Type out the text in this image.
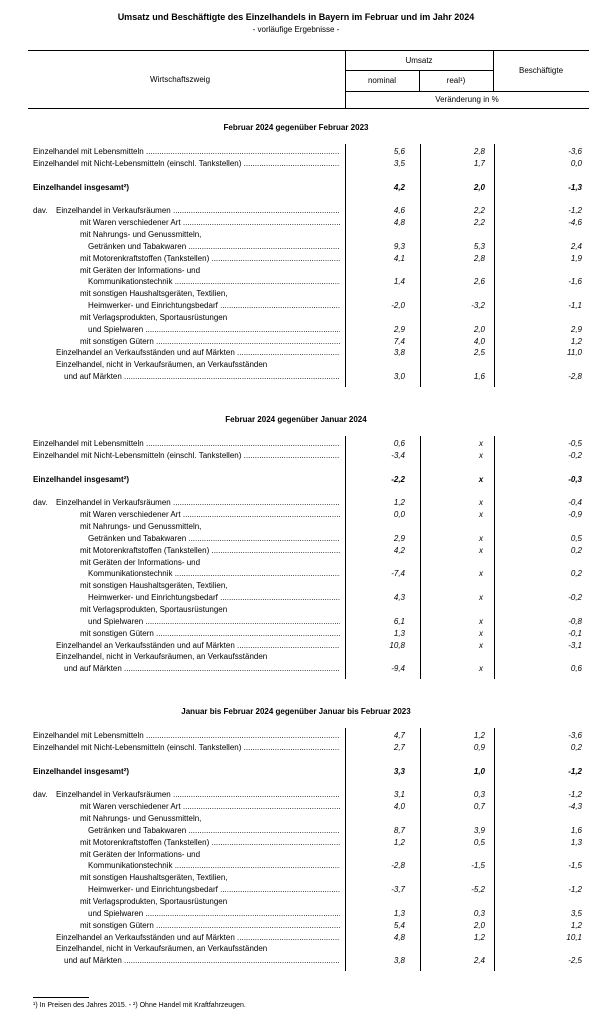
Umsatz und Beschäftigte des Einzelhandels in Bayern im Februar und im Jahr 2024
- vorläufige Ergebnisse -
Wirtschaftszweig
Umsatz
nominal	real¹)
Beschäftigte
Veränderung in %
Februar 2024 gegenüber Februar 2023
Einzelhandel mit Lebensmitteln .....	5,6	2,8	-3,6
Einzelhandel mit Nicht-Lebensmitteln (einschl. Tankstellen) .....	3,5	1,7	0,0
Einzelhandel insgesamt²)	4,2	2,0	-1,3
dav. Einzelhandel in Verkaufsräumen .....	4,6	2,2	-1,2
mit Waren verschiedener Art .....	4,8	2,2	-4,6
mit Nahrungs- und Genussmitteln,
Getränken und Tabakwaren .....	9,3	5,3	2,4
mit Motorenkraftstoffen (Tankstellen) .....	4,1	2,8	1,9
mit Geräten der Informations- und
Kommunikationstechnik .....	1,4	2,6	-1,6
mit sonstigen Haushaltsgeräten, Textilien,
Heimwerker- und Einrichtungsbedarf .....	-2,0	-3,2	-1,1
mit Verlagsprodukten, Sportausrüstungen
und Spielwaren .....	2,9	2,0	2,9
mit sonstigen Gütern .....	7,4	4,0	1,2
Einzelhandel an Verkaufsständen und auf Märkten .....	3,8	2,5	11,0
Einzelhandel, nicht in Verkaufsräumen, an Verkaufsständen
und auf Märkten .....	3,0	1,6	-2,8
Februar 2024 gegenüber Januar 2024
Einzelhandel mit Lebensmitteln .....	0,6	x	-0,5
Einzelhandel mit Nicht-Lebensmitteln (einschl. Tankstellen) .....	-3,4	x	-0,2
Einzelhandel insgesamt²)	-2,2	x	-0,3
dav. Einzelhandel in Verkaufsräumen .....	1,2	x	-0,4
mit Waren verschiedener Art .....	0,0	x	-0,9
mit Nahrungs- und Genussmitteln,
Getränken und Tabakwaren .....	2,9	x	0,5
mit Motorenkraftstoffen (Tankstellen) .....	4,2	x	0,2
mit Geräten der Informations- und
Kommunikationstechnik .....	-7,4	x	0,2
mit sonstigen Haushaltsgeräten, Textilien,
Heimwerker- und Einrichtungsbedarf .....	4,3	x	-0,2
mit Verlagsprodukten, Sportausrüstungen
und Spielwaren .....	6,1	x	-0,8
mit sonstigen Gütern .....	1,3	x	-0,1
Einzelhandel an Verkaufsständen und auf Märkten .....	10,8	x	-3,1
Einzelhandel, nicht in Verkaufsräumen, an Verkaufsständen
und auf Märkten .....	-9,4	x	0,6
Januar bis Februar 2024 gegenüber Januar bis Februar 2023
Einzelhandel mit Lebensmitteln .....	4,7	1,2	-3,6
Einzelhandel mit Nicht-Lebensmitteln (einschl. Tankstellen) .....	2,7	0,9	0,2
Einzelhandel insgesamt²)	3,3	1,0	-1,2
dav. Einzelhandel in Verkaufsräumen .....	3,1	0,3	-1,2
mit Waren verschiedener Art .....	4,0	0,7	-4,3
mit Nahrungs- und Genussmitteln,
Getränken und Tabakwaren .....	8,7	3,9	1,6
mit Motorenkraftstoffen (Tankstellen) .....	1,2	0,5	1,3
mit Geräten der Informations- und
Kommunikationstechnik .....	-2,8	-1,5	-1,5
mit sonstigen Haushaltsgeräten, Textilien,
Heimwerker- und Einrichtungsbedarf .....	-3,7	-5,2	-1,2
mit Verlagsprodukten, Sportausrüstungen
und Spielwaren .....	1,3	0,3	3,5
mit sonstigen Gütern .....	5,4	2,0	1,2
Einzelhandel an Verkaufsständen und auf Märkten .....	4,8	1,2	10,1
Einzelhandel, nicht in Verkaufsräumen, an Verkaufsständen
und auf Märkten .....	3,8	2,4	-2,5
¹) In Preisen des Jahres 2015. - ²) Ohne Handel mit Kraftfahrzeugen.
